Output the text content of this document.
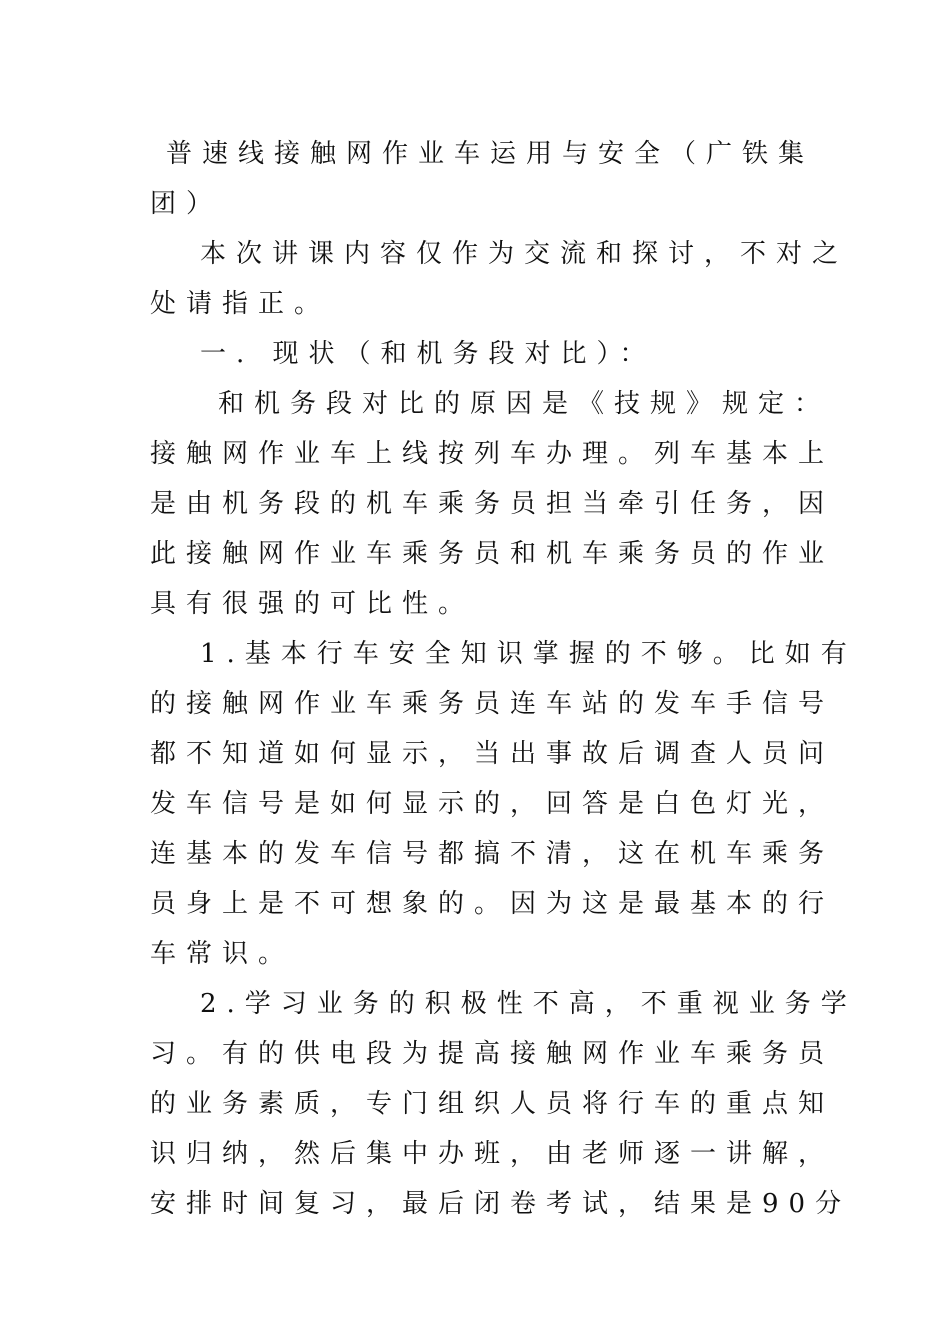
普速线接触网作业车运用与安全（广铁集
团）
本次讲课内容仅作为交流和探讨，不对之
处请指正。
一. 现状（和机务段对比）：
和机务段对比的原因是《技规》规定：
接触网作业车上线按列车办理。列车基本上
是由机务段的机车乘务员担当牵引任务，因
此接触网作业车乘务员和机车乘务员的作业
具有很强的可比性。
1.基本行车安全知识掌握的不够。比如有
的接触网作业车乘务员连车站的发车手信号
都不知道如何显示，当出事故后调查人员问
发车信号是如何显示的，回答是白色灯光，
连基本的发车信号都搞不清，这在机车乘务
员身上是不可想象的。因为这是最基本的行
车常识。
2.学习业务的积极性不高，不重视业务学
习。有的供电段为提高接触网作业车乘务员
的业务素质，专门组织人员将行车的重点知
识归纳，然后集中办班，由老师逐一讲解，
安排时间复习，最后闭卷考试，结果是90分
